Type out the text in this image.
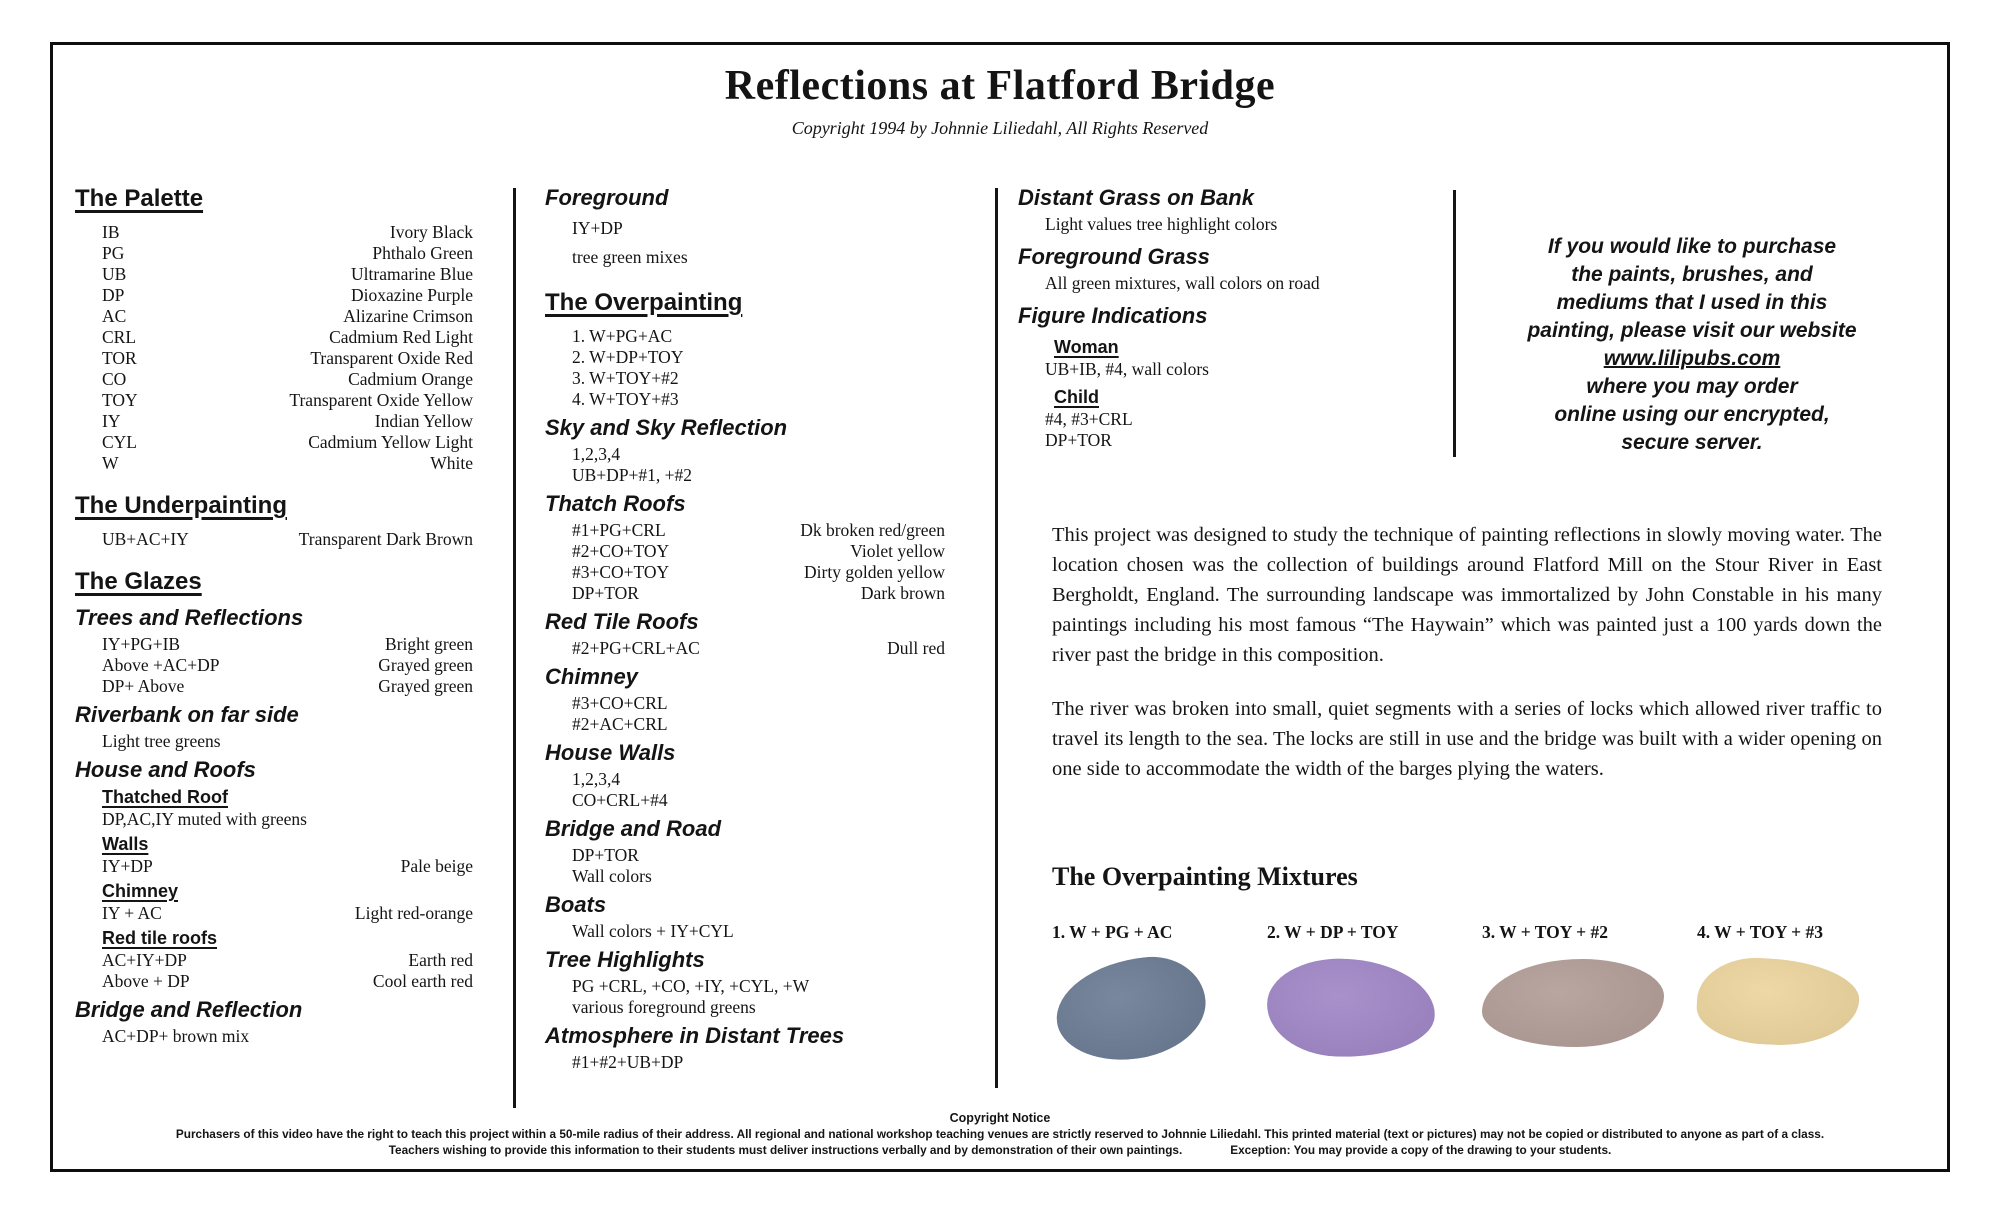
Reflections at Flatford Bridge
Copyright 1994 by Johnnie Liliedahl, All Rights Reserved
The Palette
IB	Ivory Black
PG	Phthalo Green
UB	Ultramarine Blue
DP	Dioxazine Purple
AC	Alizarine Crimson
CRL	Cadmium Red Light
TOR	Transparent Oxide Red
CO	Cadmium Orange
TOY	Transparent Oxide Yellow
IY	Indian Yellow
CYL	Cadmium Yellow Light
W	White
The Underpainting
UB+AC+IY	Transparent Dark Brown
The Glazes
Trees and Reflections
IY+PG+IB	Bright green
Above +AC+DP	Grayed green
DP+ Above	Grayed green
Riverbank on far side
Light tree greens
House and Roofs
Thatched Roof
DP,AC,IY muted with greens
Walls
IY+DP	Pale beige
Chimney
IY + AC	Light red-orange
Red tile roofs
AC+IY+DP	Earth red
Above + DP	Cool earth red
Bridge and Reflection
AC+DP+ brown mix
Foreground
IY+DP
tree green mixes
The Overpainting
1. W+PG+AC
2. W+DP+TOY
3. W+TOY+#2
4. W+TOY+#3
Sky and Sky Reflection
1,2,3,4
UB+DP+#1, +#2
Thatch Roofs
#1+PG+CRL	Dk broken red/green
#2+CO+TOY	Violet yellow
#3+CO+TOY	Dirty golden yellow
DP+TOR	Dark brown
Red Tile Roofs
#2+PG+CRL+AC	Dull red
Chimney
#3+CO+CRL
#2+AC+CRL
House Walls
1,2,3,4
CO+CRL+#4
Bridge and Road
DP+TOR
Wall colors
Boats
Wall colors + IY+CYL
Tree Highlights
PG +CRL, +CO, +IY, +CYL, +W
various foreground greens
Atmosphere in Distant Trees
#1+#2+UB+DP
Distant Grass on Bank
Light values tree highlight colors
Foreground Grass
All green mixtures, wall colors on road
Figure Indications
Woman
UB+IB, #4, wall colors
Child
#4, #3+CRL
DP+TOR
If you would like to purchase
the paints, brushes, and
mediums that I used in this
painting, please visit our website
www.lilipubs.com
where you may order
online using our encrypted,
secure server.

This project was designed to study the technique of painting reflections in slowly moving water. The location chosen was the collection of buildings around Flatford Mill on the Stour River in East Bergholdt, England. The surrounding landscape was immortalized by John Constable in his many paintings including his most famous “The Haywain” which was painted just a 100 yards down the river past the bridge in this composition.

The river was broken into small, quiet segments with a series of locks which allowed river traffic to travel its length to the sea. The locks are still in use and the bridge was built with a wider opening on one side to accommodate the width of the barges plying the waters.

The Overpainting Mixtures
1. W + PG + AC	2. W + DP + TOY	3. W + TOY + #2	4. W + TOY + #3
Copyright Notice
Purchasers of this video have the right to teach this project within a 50-mile radius of their address. All regional and national workshop teaching venues are strictly reserved to Johnnie Liliedahl. This printed material (text or pictures) may not be copied or distributed to anyone as part of a class.
Teachers wishing to provide this information to their students must deliver instructions verbally and by demonstration of their own paintings.	Exception: You may provide a copy of the drawing to your students.
